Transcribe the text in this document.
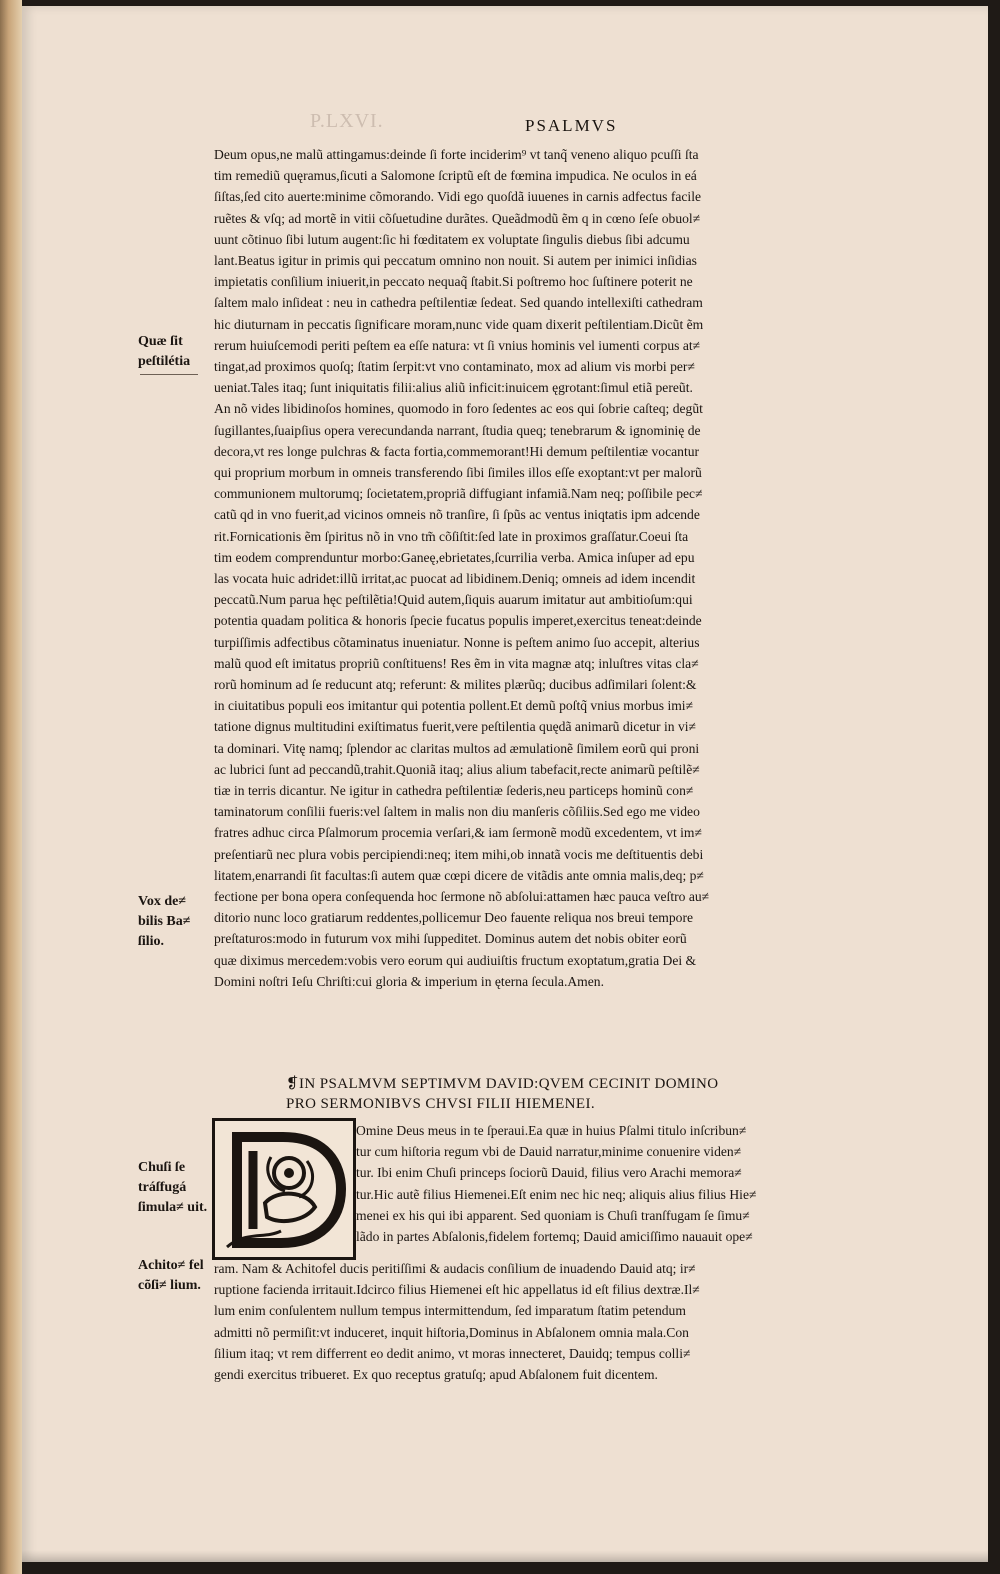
P.LXVI.	PSALMVS
Deum opus,ne malũ attingamus:deinde ſi forte inciderim⁹ vt tanq̃ veneno aliquo pcuſſi ſta
tim remediũ quęramus,ſicuti a Salomone ſcriptũ eſt de fœmina impudica. Ne oculos in eá
ſiſtas,ſed cito auerte:minime cõmorando. Vidi ego quoſdã iuuenes in carnis adfectus facile
ruẽtes & vſq; ad mortẽ in vitii cõſuetudine durãtes. Queãdmodũ ẽm q in cœno ſeſe obuol≠
uunt cõtinuo ſibi lutum augent:ſic hi fœditatem ex voluptate ſingulis diebus ſibi adcumu
lant.Beatus igitur in primis qui peccatum omnino non nouit. Si autem per inimici inſidias
impietatis conſilium iniuerit,in peccato nequaq̃ ſtabit.Si poſtremo hoc ſuſtinere poterit ne
ſaltem malo inſideat : neu in cathedra peſtilentiæ ſedeat. Sed quando intellexiſti cathedram
hic diuturnam in peccatis ſignificare moram,nunc vide quam dixerit peſtilentiam.Dicũt ẽm
rerum huiuſcemodi periti peſtem ea eſſe natura: vt ſi vnius hominis vel iumenti corpus at≠
tingat,ad proximos quoſq; ſtatim ſerpit:vt vno contaminato, mox ad alium vis morbi per≠
ueniat.Tales itaq; ſunt iniquitatis filii:alius aliũ inficit:inuicem ęgrotant:ſimul etiã pereũt.
An nõ vides libidinoſos homines, quomodo in foro ſedentes ac eos qui ſobrie caſteq; degũt
ſugillantes,ſuaipſius opera verecundanda narrant, ſtudia queq; tenebrarum & ignominię de
decora,vt res longe pulchras & facta fortia,commemorant!Hi demum peſtilentiæ vocantur
qui proprium morbum in omneis transferendo ſibi ſimiles illos eſſe exoptant:vt per malorũ
communionem multorumq; ſocietatem,propriã diffugiant infamiã.Nam neq; poſſibile pec≠
catũ qd in vno fuerit,ad vicinos omneis nõ tranſire, ſi ſpũs ac ventus iniqtatis ipm adcende
rit.Fornicationis ẽm ſpiritus nõ in vno tm̃ cõſiſtit:ſed late in proximos graſſatur.Coeui ſta
tim eodem comprenduntur morbo:Ganeę,ebrietates,ſcurrilia verba. Amica inſuper ad epu
las vocata huic adridet:illũ irritat,ac puocat ad libidinem.Deniq; omneis ad idem incendit
peccatũ.Num parua hęc peſtilẽtia!Quid autem,ſiquis auarum imitatur aut ambitioſum:qui
potentia quadam politica & honoris ſpecie fucatus populis imperet,exercitus teneat:deinde
turpiſſimis adfectibus cõtaminatus inueniatur. Nonne is peſtem animo ſuo accepit, alterius
malũ quod eſt imitatus propriũ conſtituens! Res ẽm in vita magnæ atq; inluſtres vitas cla≠
rorũ hominum ad ſe reducunt atq; referunt: & milites plærũq; ducibus adſimilari ſolent:&
in ciuitatibus populi eos imitantur qui potentia pollent.Et demũ poſtq̃ vnius morbus imi≠
tatione dignus multitudini exiſtimatus fuerit,vere peſtilentia quędã animarũ dicetur in vi≠
ta dominari. Vitę namq; ſplendor ac claritas multos ad æmulationẽ ſimilem eorũ qui proni
ac lubrici ſunt ad peccandũ,trahit.Quoniã itaq; alius alium tabefacit,recte animarũ peſtilẽ≠
tiæ in terris dicantur. Ne igitur in cathedra peſtilentiæ ſederis,neu particeps hominũ con≠
taminatorum conſilii fueris:vel ſaltem in malis non diu manſeris cõſiliis.Sed ego me video
fratres adhuc circa Pſalmorum procemia verſari,& iam ſermonẽ modũ excedentem, vt im≠
preſentiarũ nec plura vobis percipiendi:neq; item mihi,ob innatã vocis me deſtituentis debi
litatem,enarrandi ſit facultas:ſi autem quæ cœpi dicere de vitãdis ante omnia malis,deq; p≠
fectione per bona opera conſequenda hoc ſermone nõ abſolui:attamen hæc pauca veſtro au≠
ditorio nunc loco gratiarum reddentes,pollicemur Deo fauente reliqua nos breui tempore
preſtaturos:modo in futurum vox mihi ſuppeditet. Dominus autem det nobis obiter eorũ
quæ diximus mercedem:vobis vero eorum qui audiuiſtis fructum exoptatum,gratia Dei &
Domini noſtri Ieſu Chriſti:cui gloria & imperium in ęterna ſecula.Amen.
Omine Deus meus in te ſperaui.Ea quæ in huius Pſalmi titulo inſcribun≠
tur cum hiſtoria regum vbi de Dauid narratur,minime conuenire viden≠
tur. Ibi enim Chuſi princeps ſociorũ Dauid, filius vero Arachi memora≠
tur.Hic autẽ filius Hiemenei.Eſt enim nec hic neq; aliquis alius filius Hie≠
menei ex his qui ibi apparent. Sed quoniam is Chuſi tranſfugam ſe ſimu≠
lãdo in partes Abſalonis,fidelem fortemq; Dauid amiciſſimo nauauit ope≠
ram. Nam & Achitofel ducis peritiſſimi & audacis conſilium de inuadendo Dauid atq; ir≠
ruptione facienda irritauit.Idcirco filius Hiemenei eſt hic appellatus id eſt filius dextræ.Il≠
lum enim conſulentem nullum tempus intermittendum, ſed imparatum ſtatim petendum
admitti nõ permiſit:vt induceret, inquit hiſtoria,Dominus in Abſalonem omnia mala.Con
ſilium itaq; vt rem differrent eo dedit animo, vt moras innecteret, Dauidq; tempus colli≠
gendi exercitus tribueret. Ex quo receptus gratuſq; apud Abſalonem fuit dicentem.
Quæ ſit peſtilétia
Vox de≠ bilis Ba≠ ſilio.
Chuſi ſe tráſfugá ſimula≠ uit.
Achito≠ fel cõſi≠ lium.
❡IN PSALMVM SEPTIMVM DAVID:QVEM CECINIT DOMINO
PRO SERMONIBVS CHVSI FILII HIEMENEI.
